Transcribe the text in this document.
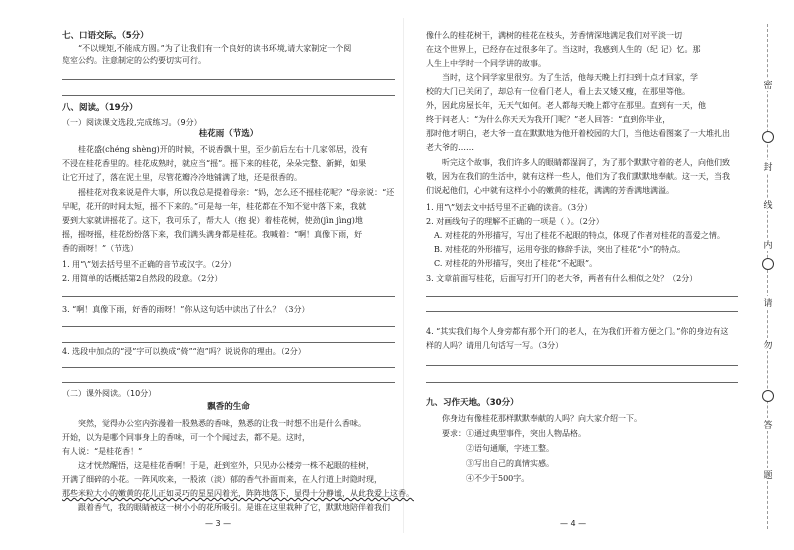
七、口语交际。（5分）
“不以规矩,不能成方圆。”为了让我们有一个良好的读书环境,请大家制定一个阅
览室公约。注意制定的公约要切实可行。
八、阅读。（19分）
（一）阅读课文选段,完成练习。（9分）
桂花雨（节选）
桂花盛(chéng shèng)开的时候，不说香飘十里，至少前后左右十几家邻居，没有
不浸在桂花香里的。桂花成熟时，就应当“摇”。摇下来的桂花，朵朵完整、新鲜，如果
让它开过了，落在泥土里，尽管花瓣冷冷地铺满了地，还是很香的。
摇桂花对我来说是件大事，所以我总是提着母亲：“妈，怎么还不摇桂花呢？”母亲说：“还
早呢，花开的时间太短，摇不下来的。”可是每一年，桂花都在不知不觉中落下来，我就
要到大家就讲摇花了。这下，我可乐了，帮大人（抱 捉）着桂花树，使劲(jìn jìng)地
摇，摇呀摇，桂花纷纷落下来，我们满头满身都是桂花。我喊着：“啊！真像下雨，好
香的雨呀！”（节选）
1. 用“\”划去括号里不正确的音节或汉字。（2分）
2. 用简单的话概括第2自然段的段意。（2分）
3. “啊！真像下雨，好香的雨呀！”你从这句话中读出了什么？（3分）
4. 选段中加点的“浸”字可以换成“倚”“泡”吗？说说你的理由。（2分）
（二）课外阅读。（10分）
飘香的生命
突然，觉得办公室内弥漫着一股熟悉的香味，熟悉的让我一时想不出是什么香味。
开始，以为是哪个同事身上的香味，可一个个闻过去，都不是。这时，
有人说：“是桂花香！”
这才恍然醒悟，这是桂花香啊！于是，赶到室外，只见办公楼旁一株不起眼的桂树，
开满了细碎的小花。一阵风吹来，一股浓（淡）郁的香气扑面而来，在人行道上时隐时现，
那些米粒大小的嫩黄的花儿正如灵巧的星星闪着光，阵阵地落下，显得十分静谧，从此我爱上这香。
跟着香气，我的眼睛被这一树小小的花所吸引。是谁在这里栽种了它，默默地陪伴着我们
— 3 —
像什么的桂花树干，满树的桂花在枝头，芳香情深地满足我们对平淡一切
在这个世界上，已经存在过很多年了。当这时，我感到人生的（纪 记）忆。那
人生上中学时一个同学讲的故事。
当时，这个同学家里很穷。为了生活，他每天晚上打扫到十点才回家，学
校的大门已关闭了，却总有一位看门老人，看上去又矮又瘦，在那里等他。
外，因此房屋长年，无天气如何。老人都每天晚上都守在那里。直到有一天，他
终于问老人：“为什么你天天为我开门呢？”老人回答：“直到你毕业，
那时他才明白，老大爷一直在默默地为他开着校园的大门，当他达看图案了一大堆扎出
老大爷的……
听完这个故事，我们许多人的眼睛都湿润了，为了那个默默守着的老人，向他们致
敬，因为在我们的生活中，就有这样一些人，他们为了我们默默地奉献。这一天，当我
们说起他们，心中就有这样小小的嫩黄的桂花，满满的芳香满地满溢。
1. 用“\”划去文中括号里不正确的读音。（3分）
2. 对画线句子的理解不正确的一项是（ ）。（2分）
A. 对桂花的外形描写，写出了桂花不起眼的特点，体现了作者对桂花的喜爱之情。
B. 对桂花的外形描写，运用夸张的修辞手法，突出了桂花“小”的特点。
C. 对桂花的外形描写，突出了桂花“不起眼”。
3. 文章前面写桂花，后面写打开门的老大爷，两者有什么相似之处？（2分）
4. “其实我们每个人身旁都有那个开门的老人，在为我们开着方便之门。”你的身边有这
样的人吗？请用几句话写一写。（3分）
九、习作天地。（30分）
你身边有像桂花那样默默奉献的人吗？向大家介绍一下。
要求：①通过典型事件，突出人物品格。
②语句通顺，字迹工整。
③写出自己的真情实感。
④不少于500字。
— 4 —
密
封
线
内
请
勿
答
题
